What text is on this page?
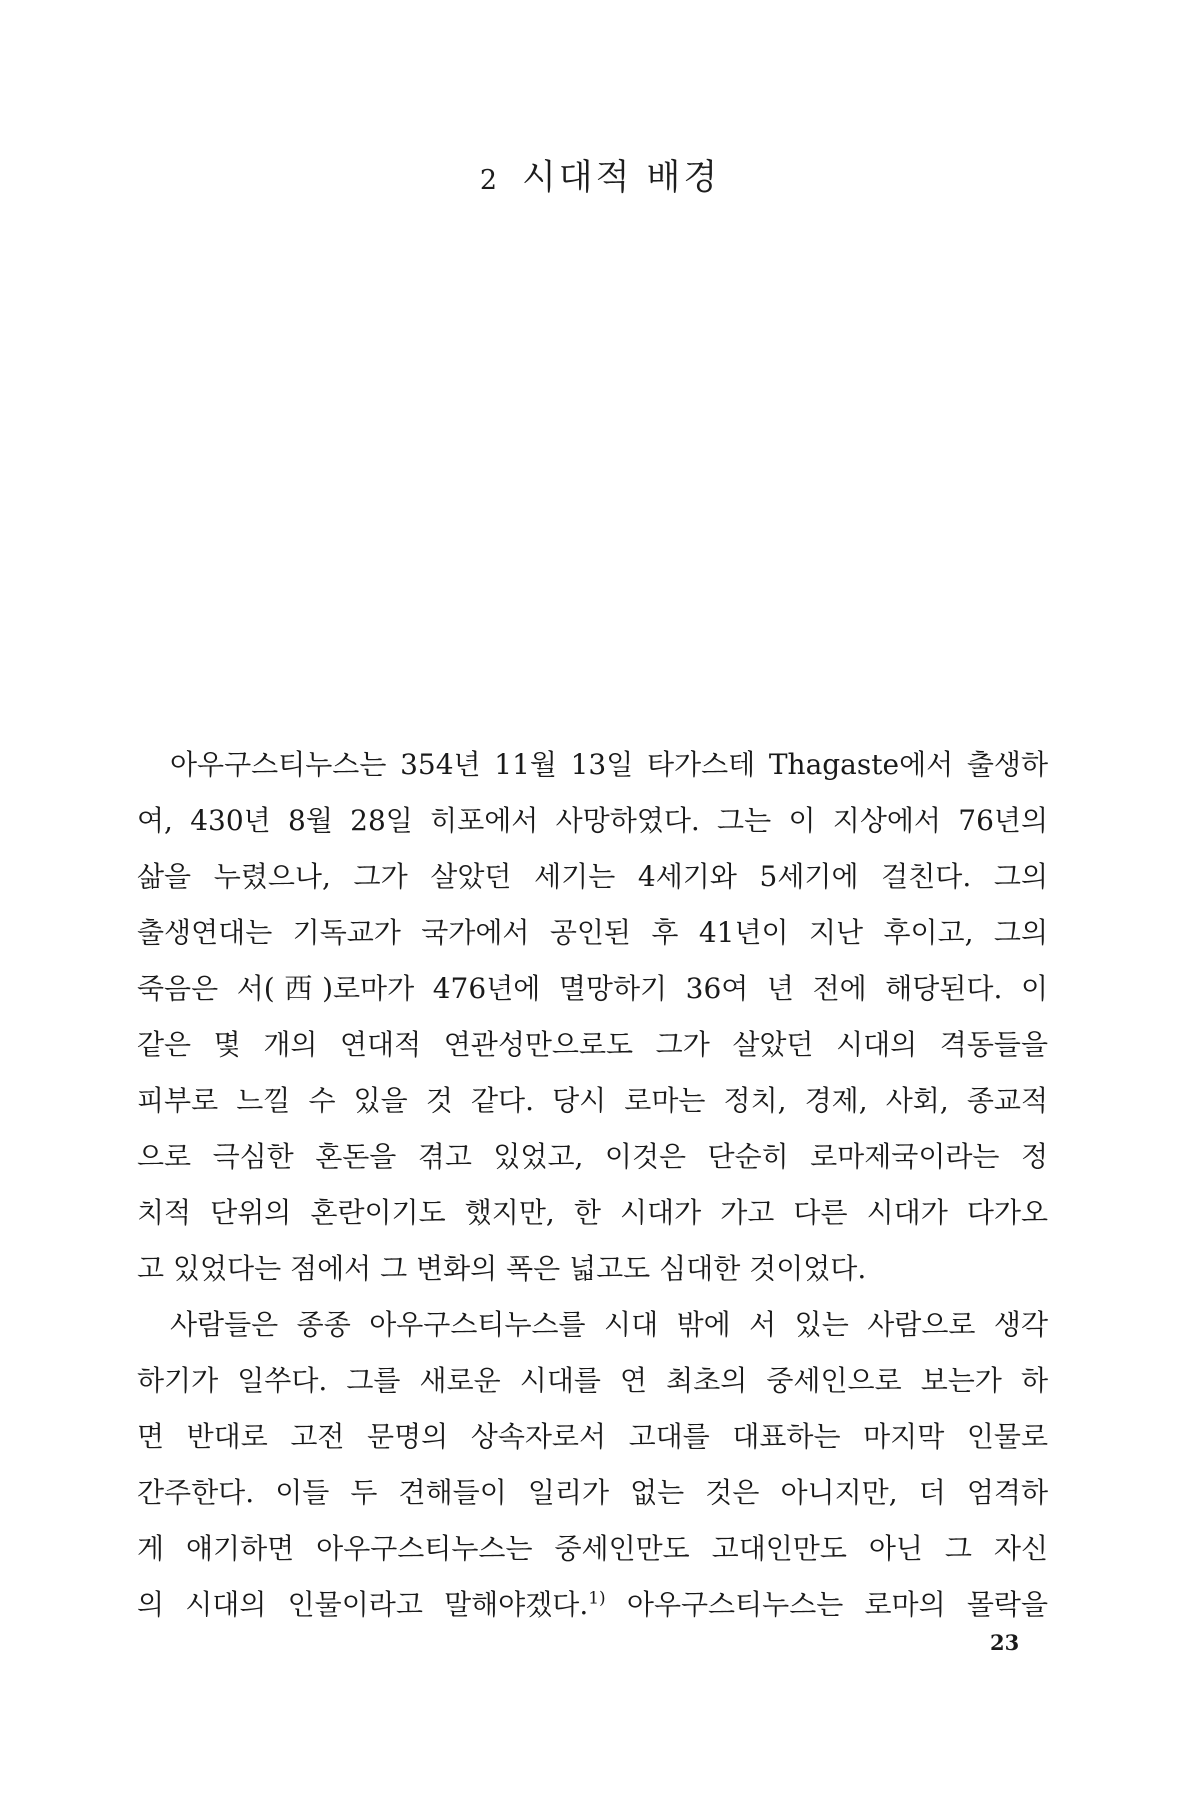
2 시대적 배경
아우구스티누스는 354년 11월 13일 타가스테 Thagaste에서 출생하
여, 430년 8월 28일 히포에서 사망하였다. 그는 이 지상에서 76년의
삶을 누렸으나, 그가 살았던 세기는 4세기와 5세기에 걸친다. 그의
출생연대는 기독교가 국가에서 공인된 후 41년이 지난 후이고, 그의
죽음은 서(西)로마가 476년에 멸망하기 36여 년 전에 해당된다. 이
같은 몇 개의 연대적 연관성만으로도 그가 살았던 시대의 격동들을
피부로 느낄 수 있을 것 같다. 당시 로마는 정치, 경제, 사회, 종교적
으로 극심한 혼돈을 겪고 있었고, 이것은 단순히 로마제국이라는 정
치적 단위의 혼란이기도 했지만, 한 시대가 가고 다른 시대가 다가오
고 있었다는 점에서 그 변화의 폭은 넓고도 심대한 것이었다.
사람들은 종종 아우구스티누스를 시대 밖에 서 있는 사람으로 생각
하기가 일쑤다. 그를 새로운 시대를 연 최초의 중세인으로 보는가 하
면 반대로 고전 문명의 상속자로서 고대를 대표하는 마지막 인물로
간주한다. 이들 두 견해들이 일리가 없는 것은 아니지만, 더 엄격하
게 얘기하면 아우구스티누스는 중세인만도 고대인만도 아닌 그 자신
의 시대의 인물이라고 말해야겠다.$^{1)}$ 아우구스티누스는 로마의 몰락을
23
